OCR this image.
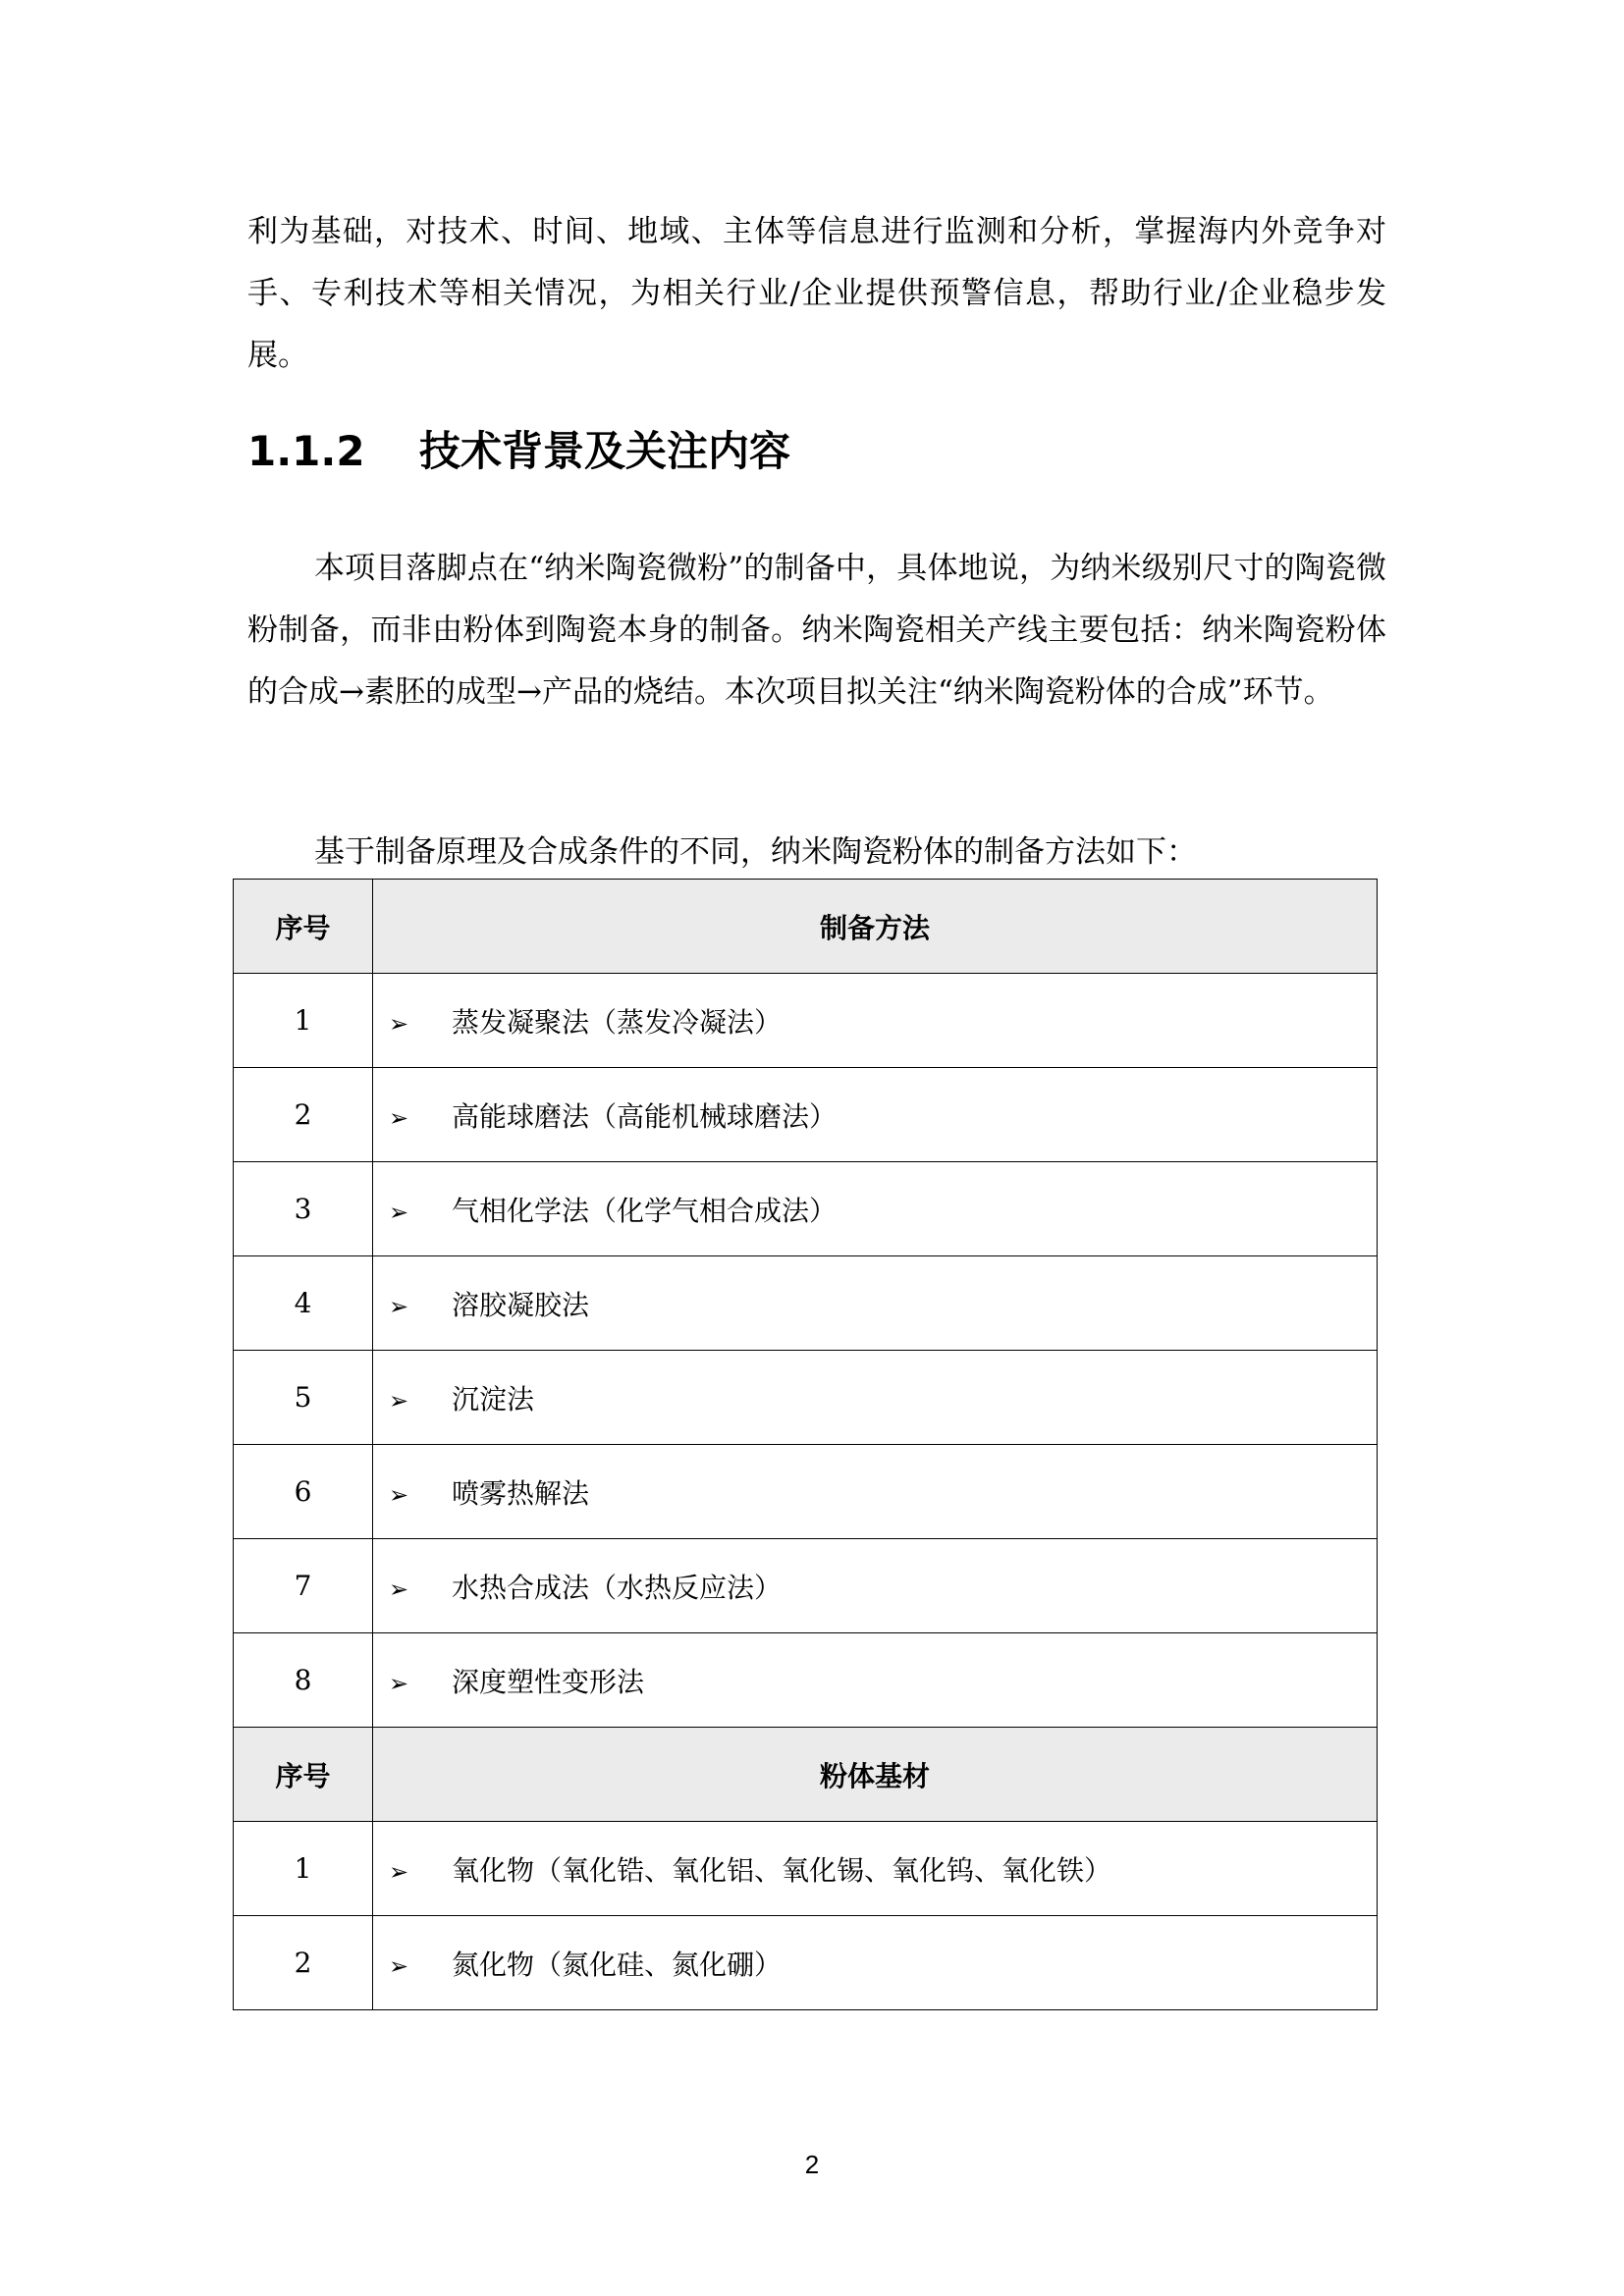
利为基础，对技术、时间、地域、主体等信息进行监测和分析，掌握海内外竞争对手、专利技术等相关情况，为相关行业/企业提供预警信息，帮助行业/企业稳步发展。

1.1.2 技术背景及关注内容

本项目落脚点在“纳米陶瓷微粉”的制备中，具体地说，为纳米级别尺寸的陶瓷微粉制备，而非由粉体到陶瓷本身的制备。纳米陶瓷相关产线主要包括：纳米陶瓷粉体的合成→素胚的成型→产品的烧结。本次项目拟关注“纳米陶瓷粉体的合成”环节。

基于制备原理及合成条件的不同，纳米陶瓷粉体的制备方法如下：

序号	制备方法
1	➢ 蒸发凝聚法（蒸发冷凝法）
2	➢ 高能球磨法（高能机械球磨法）
3	➢ 气相化学法（化学气相合成法）
4	➢ 溶胶凝胶法
5	➢ 沉淀法
6	➢ 喷雾热解法
7	➢ 水热合成法（水热反应法）
8	➢ 深度塑性变形法
序号	粉体基材
1	➢ 氧化物（氧化锆、氧化铝、氧化锡、氧化钨、氧化铁）
2	➢ 氮化物（氮化硅、氮化硼）
2
